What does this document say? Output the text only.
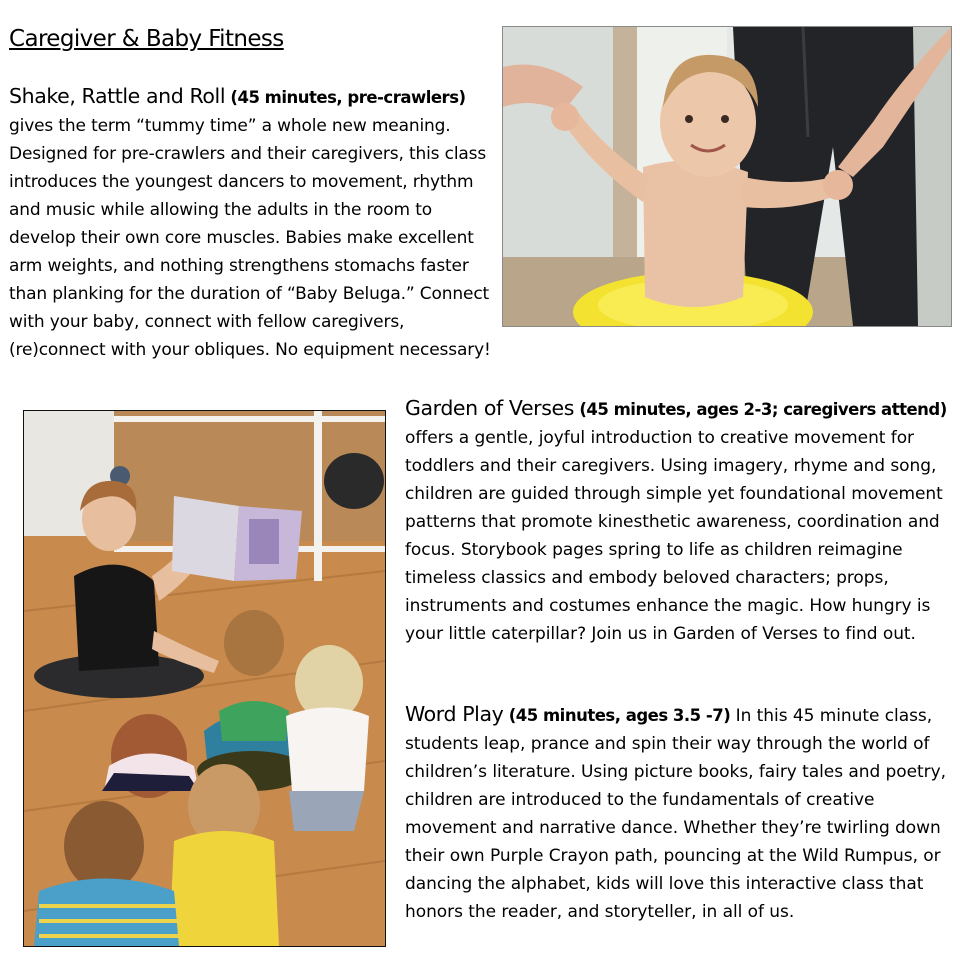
Caregiver & Baby Fitness

Shake, Rattle and Roll (45 minutes, pre-crawlers) gives the term “tummy time” a whole new meaning. Designed for pre-crawlers and their caregivers, this class introduces the youngest dancers to movement, rhythm and music while allowing the adults in the room to develop their own core muscles. Babies make excellent arm weights, and nothing strengthens stomachs faster than planking for the duration of “Baby Beluga.” Connect with your baby, connect with fellow caregivers, (re)connect with your obliques. No equipment necessary!

Garden of Verses (45 minutes, ages 2-3; caregivers attend) offers a gentle, joyful introduction to creative movement for toddlers and their caregivers. Using imagery, rhyme and song, children are guided through simple yet foundational movement patterns that promote kinesthetic awareness, coordination and focus. Storybook pages spring to life as children reimagine timeless classics and embody beloved characters; props, instruments and costumes enhance the magic. How hungry is your little caterpillar? Join us in Garden of Verses to find out.

Word Play (45 minutes, ages 3.5 -7) In this 45 minute class, students leap, prance and spin their way through the world of children’s literature. Using picture books, fairy tales and poetry, children are introduced to the fundamentals of creative movement and narrative dance. Whether they’re twirling down their own Purple Crayon path, pouncing at the Wild Rumpus, or dancing the alphabet, kids will love this interactive class that honors the reader, and storyteller, in all of us.
